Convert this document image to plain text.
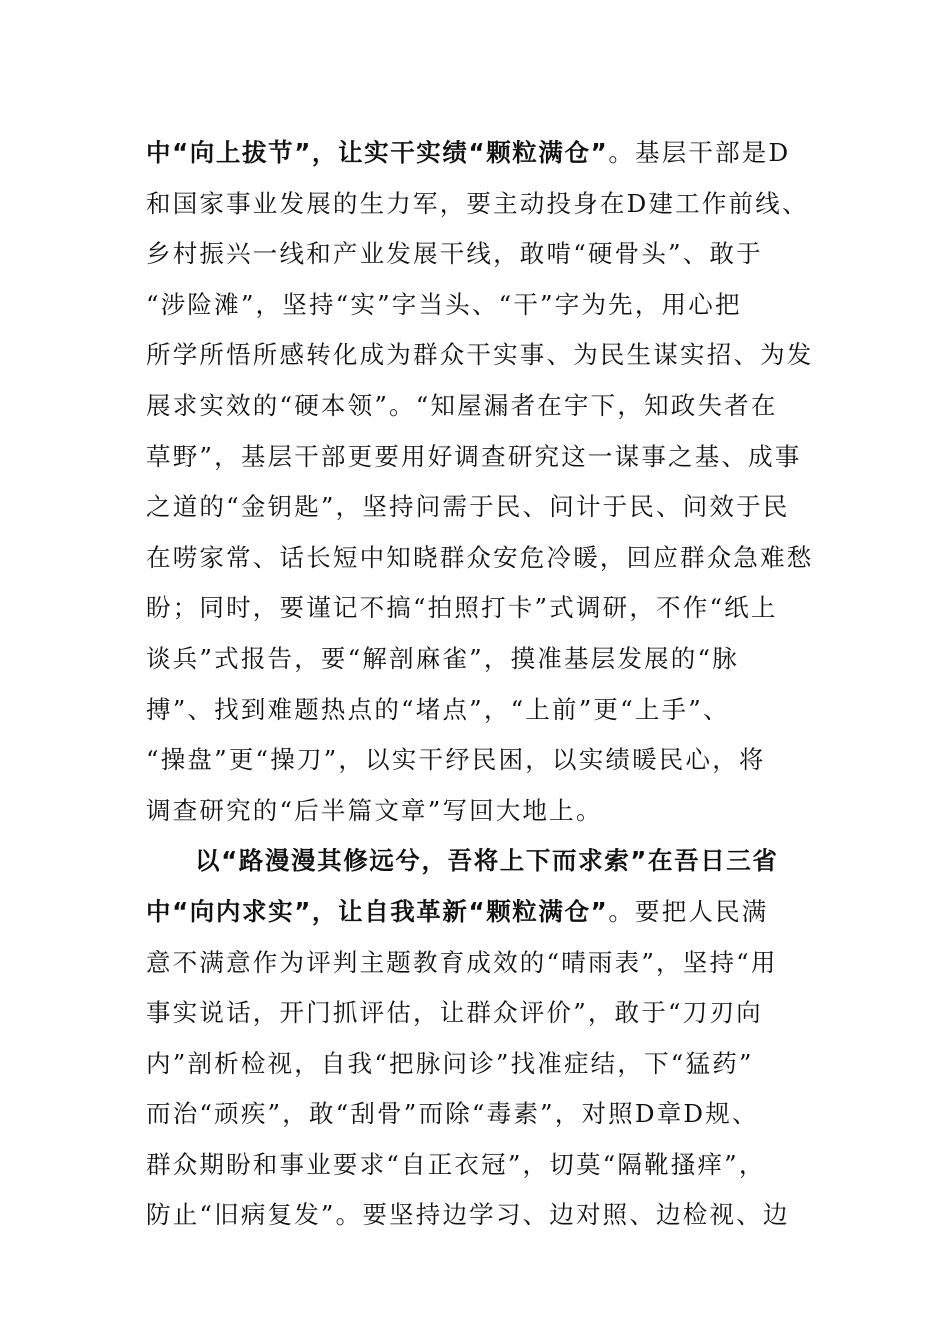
中“向上拔节”，让实干实绩“颗粒满仓”。基层干部是D

和国家事业发展的生力军，要主动投身在D建工作前线、

乡村振兴一线和产业发展干线，敢啃“硬骨头”、敢于

“涉险滩”，坚持“实”字当头、“干”字为先，用心把

所学所悟所感转化成为群众干实事、为民生谋实招、为发

展求实效的“硬本领”。“知屋漏者在宇下，知政失者在

草野”，基层干部更要用好调查研究这一谋事之基、成事

之道的“金钥匙”，坚持问需于民、问计于民、问效于民

在唠家常、话长短中知晓群众安危冷暖，回应群众急难愁

盼；同时，要谨记不搞“拍照打卡”式调研，不作“纸上

谈兵”式报告，要“解剖麻雀”，摸准基层发展的“脉

搏”、找到难题热点的“堵点”，“上前”更“上手”、

“操盘”更“操刀”，以实干纾民困，以实绩暖民心，将

调查研究的“后半篇文章”写回大地上。

以“路漫漫其修远兮，吾将上下而求索”在吾日三省

中“向内求实”，让自我革新“颗粒满仓”。要把人民满

意不满意作为评判主题教育成效的“晴雨表”，坚持“用

事实说话，开门抓评估，让群众评价”，敢于“刀刃向

内”剖析检视，自我“把脉问诊”找准症结，下“猛药”

而治“顽疾”，敢“刮骨”而除“毒素”，对照D章D规、

群众期盼和事业要求“自正衣冠”，切莫“隔靴搔痒”，

防止“旧病复发”。要坚持边学习、边对照、边检视、边
